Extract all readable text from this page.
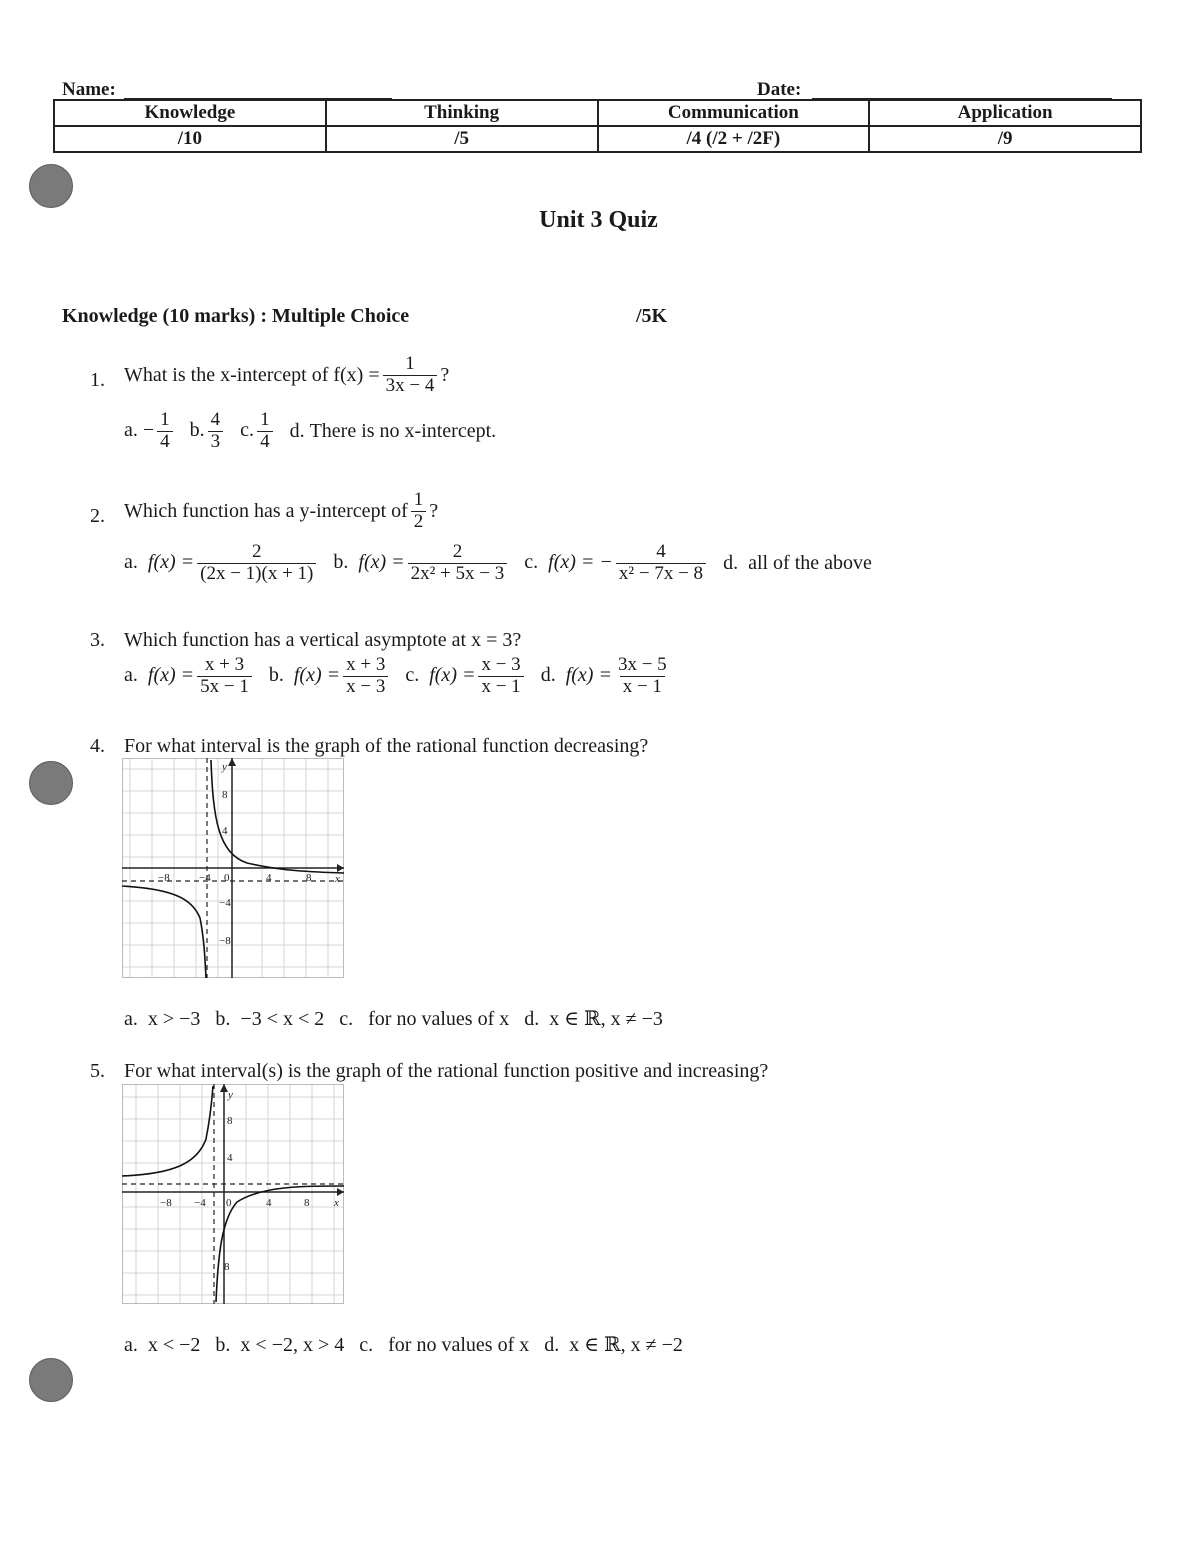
Name:	Date:
Knowledge	Thinking	Communication	Application
/10	/5	/4 (/2 + /2F)	/9
Unit 3 Quiz
Knowledge (10 marks) : Multiple Choice	/5K
1. What is the x-intercept of $f(x) = \frac{1}{3x - 4}$ ?
a. − $\frac{1}{4} b$. $\frac{4}{3} c$. $\frac{1}{4} d$. There is no x-intercept.
2. Which function has a y-intercept of $\frac{1}{2}$ ?
a. $f(x) = \frac{2}{(2x - 1)(x + 1)} b$. $f(x) = \frac{2}{\text{2x² + 5x − 3}} c$. f(x) = − $\frac{4}{\text{x² − 7x − 8}} d$. all of the above
3. Which function has a vertical asymptote at x = 3?
a. $f(x) = \frac{x + 3}{5x - 1} b$. $f(x) = \frac{x + 3}{x - 3} c$. $f(x) = \frac{x - 3}{x - 1} d$. $f(x) = \frac{3x - 5}{x - 1}$
4. For what interval is the graph of the rational function decreasing?
y
x
−8	−4 0	4	8
8
4
−4
−8
a.  x > −3   b.  −3 < x < 2   c.   for no values of x   d.  x ∈ ℝ, x ≠ −3
5. For what interval(s) is the graph of the rational function positive and increasing?
y
x
−8 −4 0	4	8
8
4
8
a.  x < −2   b.  x < −2, x > 4   c.   for no values of x   d.  x ∈ ℝ, x ≠ −2
